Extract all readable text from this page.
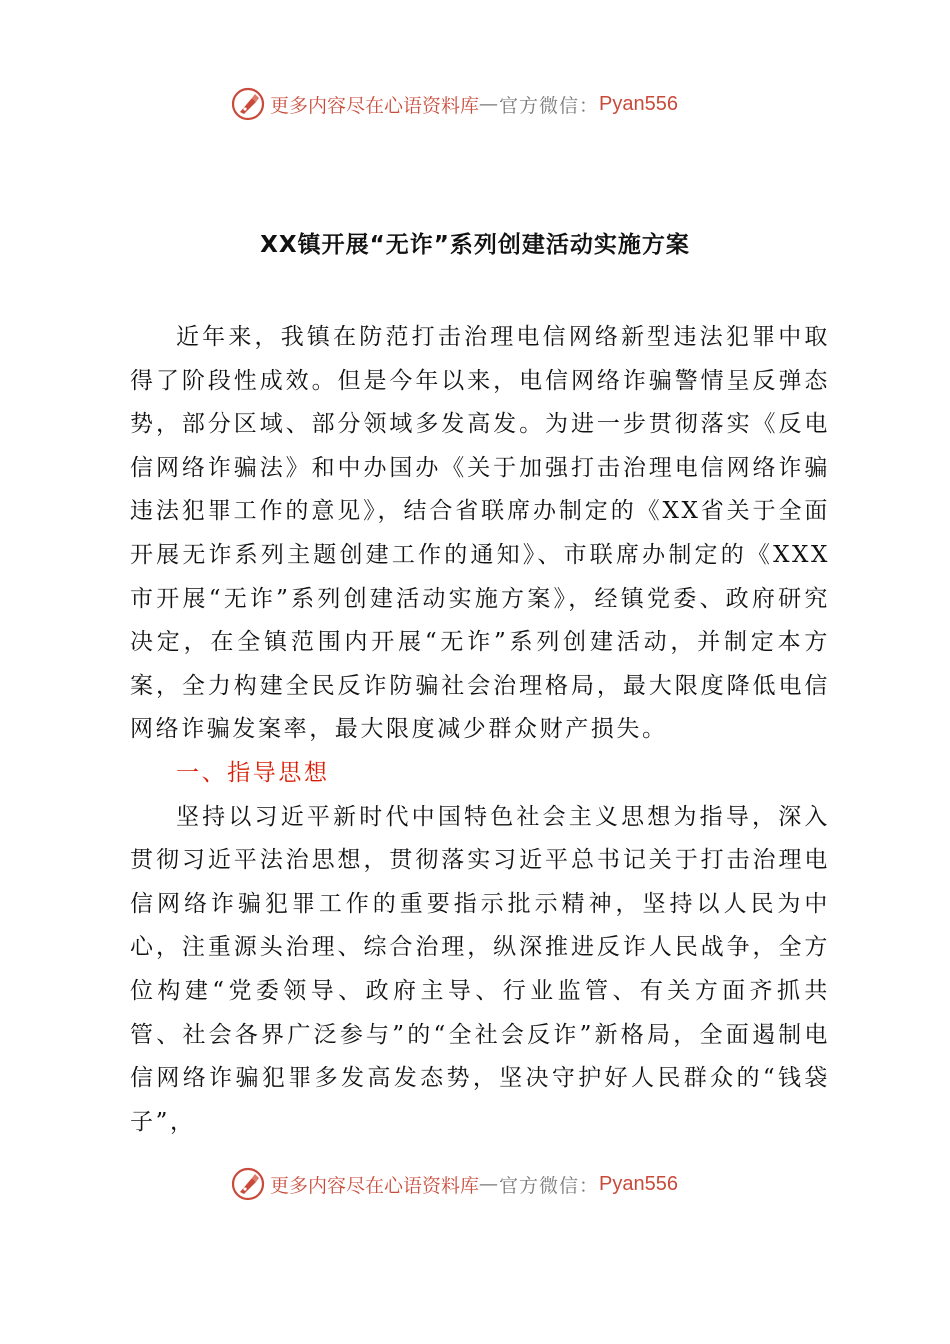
更多内容尽在心语资料库 — 官方微信： Pyan556
XX镇开展“无诈”系列创建活动实施方案

近年来，我镇在防范打击治理电信网络新型违法犯罪中取得了阶段性成效。但是今年以来，电信网络诈骗警情呈反弹态势，部分区域、部分领域多发高发。为进一步贯彻落实《反电信网络诈骗法》和中办国办《关于加强打击治理电信网络诈骗违法犯罪工作的意见》，结合省联席办制定的《XX省关于全面开展无诈系列主题创建工作的通知》、市联席办制定的《XXX市开展“无诈”系列创建活动实施方案》，经镇党委、政府研究决定，在全镇范围内开展“无诈”系列创建活动，并制定本方案，全力构建全民反诈防骗社会治理格局，最大限度降低电信网络诈骗发案率，最大限度减少群众财产损失。

一、指导思想

坚持以习近平新时代中国特色社会主义思想为指导，深入贯彻习近平法治思想，贯彻落实习近平总书记关于打击治理电信网络诈骗犯罪工作的重要指示批示精神，坚持以人民为中心，注重源头治理、综合治理，纵深推进反诈人民战争，全方位构建“党委领导、政府主导、行业监管、有关方面齐抓共管、社会各界广泛参与”的“全社会反诈”新格局，全面遏制电信网络诈骗犯罪多发高发态势，坚决守护好人民群众的“钱袋子”，

更多内容尽在心语资料库 — 官方微信： Pyan556
